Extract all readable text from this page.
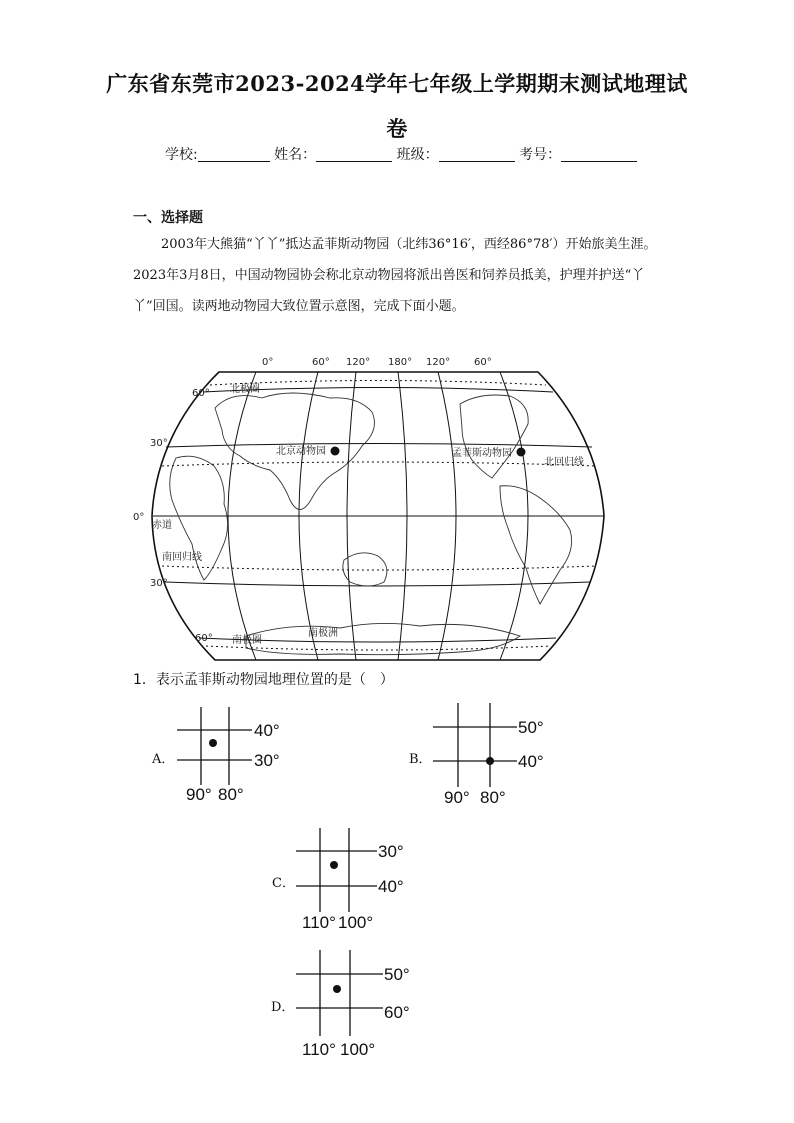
广东省东莞市2023-2024学年七年级上学期期末测试地理试
卷
学校:	姓名：	班级：	考号：
一、选择题
2003年大熊猫“丫丫”抵达孟菲斯动物园（北纬36°16′，西经86°78′）开始旅美生涯。2023年3月8日，中国动物园协会称北京动物园将派出兽医和饲养员抵美，护理并护送“丫丫”回国。读两地动物园大致位置示意图，完成下面小题。
0°	60° 120° 180° 120° 60°
60°
30°
0°
30°
60°
北极圈
北回归线
赤道
南回归线
南极圈
南极洲
北京动物园	孟菲斯动物园
A．
40°
30°
90° 80°
B．
50°
40°
90° 80°
C．
30°
40°
110° 100°
D．
50°
60°
110° 100°
1．表示孟菲斯动物园地理位置的是（　）
